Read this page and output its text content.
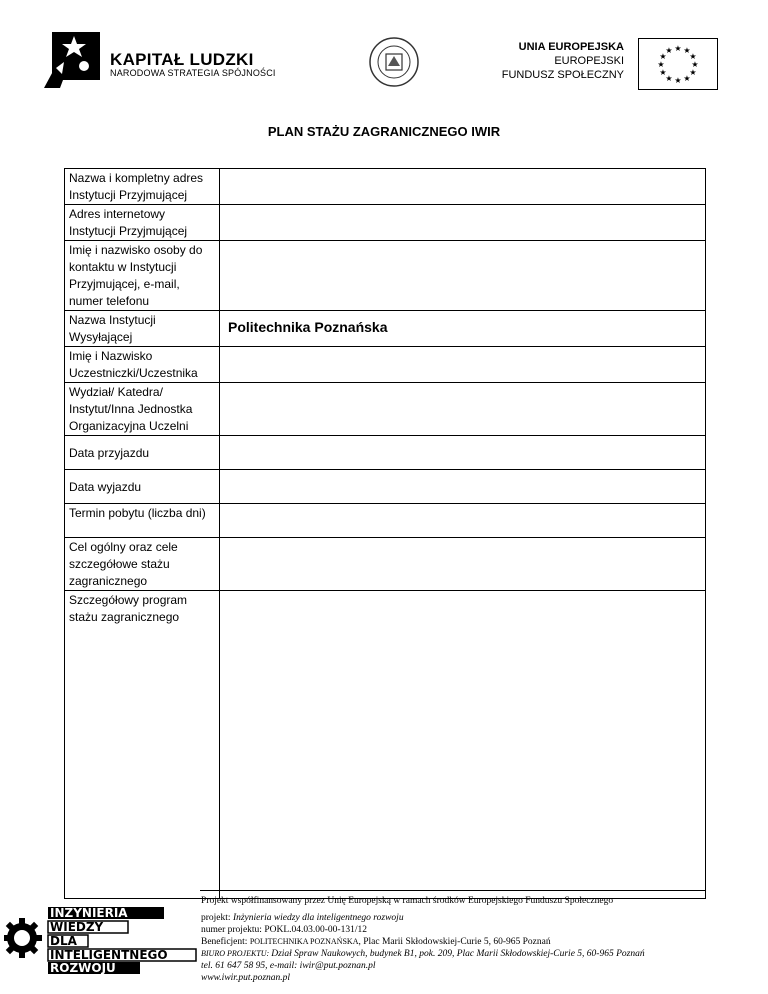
KAPITAŁ LUDZKI
NARODOWA STRATEGIA SPÓJNOŚCI
UNIA EUROPEJSKA
EUROPEJSKI
FUNDUSZ SPOŁECZNY
★ ★
★
★
★
★
★
★
★
★
★
★
PLAN STAŻU ZAGRANICZNEGO IWIR
Nazwa i kompletny adres Instytucji Przyjmującej	
Adres internetowy Instytucji Przyjmującej	
Imię i nazwisko osoby do kontaktu w Instytucji Przyjmującej, e-mail, numer telefonu	
Nazwa Instytucji Wysyłającej	Politechnika Poznańska

Imię i Nazwisko Uczestniczki/Uczestnika	
Wydział/ Katedra/ Instytut/Inna Jednostka Organizacyjna Uczelni	

Data przyjazdu	

Data wyjazdu	

Termin pobytu (liczba dni)	
Cel ogólny oraz cele szczegółowe stażu zagranicznego	
Szczegółowy program stażu zagranicznego	
INŻYNIERIA
WIEDZY
DLA
INTELIGENTNEGO
ROZWOJU
Projekt współfinansowany przez Unię Europejską w ramach środków Europejskiego Funduszu Społecznego
projekt: Inżynieria wiedzy dla inteligentnego rozwoju
numer projektu: POKL.04.03.00-00-131/12
Beneficjent: POLITECHNIKA POZNAŃSKA, Plac Marii Skłodowskiej-Curie 5, 60-965 Poznań
BIURO PROJEKTU: Dział Spraw Naukowych, budynek B1, pok. 209, Plac Marii Skłodowskiej-Curie 5, 60-965 Poznań
tel. 61 647 58 95, e-mail: iwir@put.poznan.pl
www.iwir.put.poznan.pl
